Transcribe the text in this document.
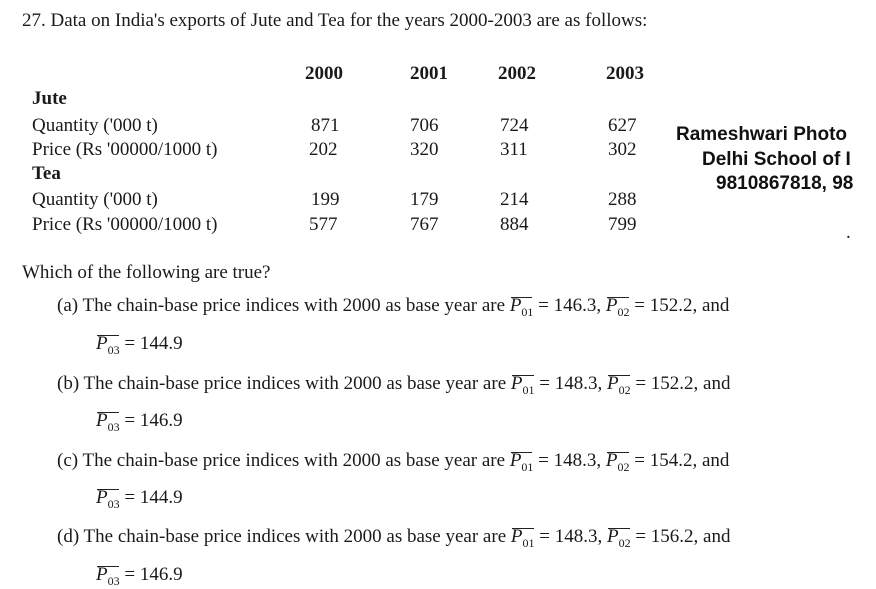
27. Data on India's exports of Jute and Tea for the years 2000-2003 are as follows:
2000	2001	2002	2003
Jute
Quantity ('000 t)	871	706	724	627
Price (Rs '00000/1000 t)	202	320	311	302
Tea
Quantity ('000 t)	199	179	214	288
Price (Rs '00000/1000 t)	577	767	884	799
Rameshwari Photo
Delhi School of I
9810867818, 98
.
Which of the following are true?
(a) The chain-base price indices with 2000 as base year are $P_{01} = 146.3$, $P_{02} = 152.2$, and
$P_{03} = 144.9$
(b) The chain-base price indices with 2000 as base year are $P_{01} = 148.3$, $P_{02} = 152.2$, and
$P_{03} = 146.9$
(c) The chain-base price indices with 2000 as base year are $P_{01} = 148.3$, $P_{02} = 154.2$, and
$P_{03} = 144.9$
(d) The chain-base price indices with 2000 as base year are $P_{01} = 148.3$, $P_{02} = 156.2$, and
$P_{03} = 146.9$
